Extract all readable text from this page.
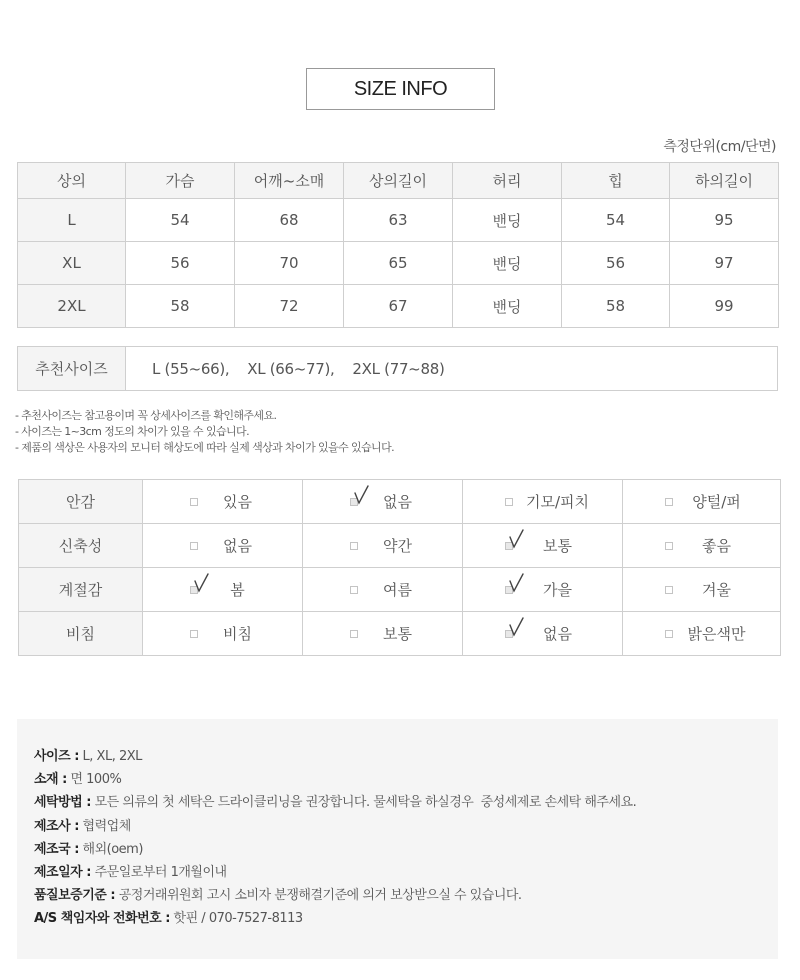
SIZE INFO
측정단위(cm/단면)
상의	가슴	어깨~소매	상의길이	허리	힙	하의길이
L	54	68	63	밴딩	54	95
XL	56	70	65	밴딩	56	97
2XL	58	72	67	밴딩	58	99
추천사이즈	L (55~66),    XL (66~77),    2XL (77~88)
- 추천사이즈는 참고용이며 꼭 상세사이즈를 확인해주세요.
- 사이즈는 1~3cm 정도의 차이가 있을 수 있습니다.
- 제품의 색상은 사용자의 모니터 해상도에 따라 실제 색상과 차이가 있을수 있습니다.
안감	있음	없음	기모/피치	양털/퍼
신축성	없음	약간	보통	좋음
계절감	봄	여름	가을	겨울
비침	비침	보통	없음	밝은색만
사이즈 : L, XL, 2XL
소재 : 면 100%
세탁방법 : 모든 의류의 첫 세탁은 드라이클리닝을 권장합니다. 물세탁을 하실경우  중성세제로 손세탁 해주세요.
제조사 : 협력업체
제조국 : 해외(oem)
제조일자 : 주문일로부터 1개월이내
품질보증기준 : 공정거래위원회 고시 소비자 분쟁해결기준에 의거 보상받으실 수 있습니다.
A/S 책임자와 전화번호 : 핫핀 / 070-7527-8113
